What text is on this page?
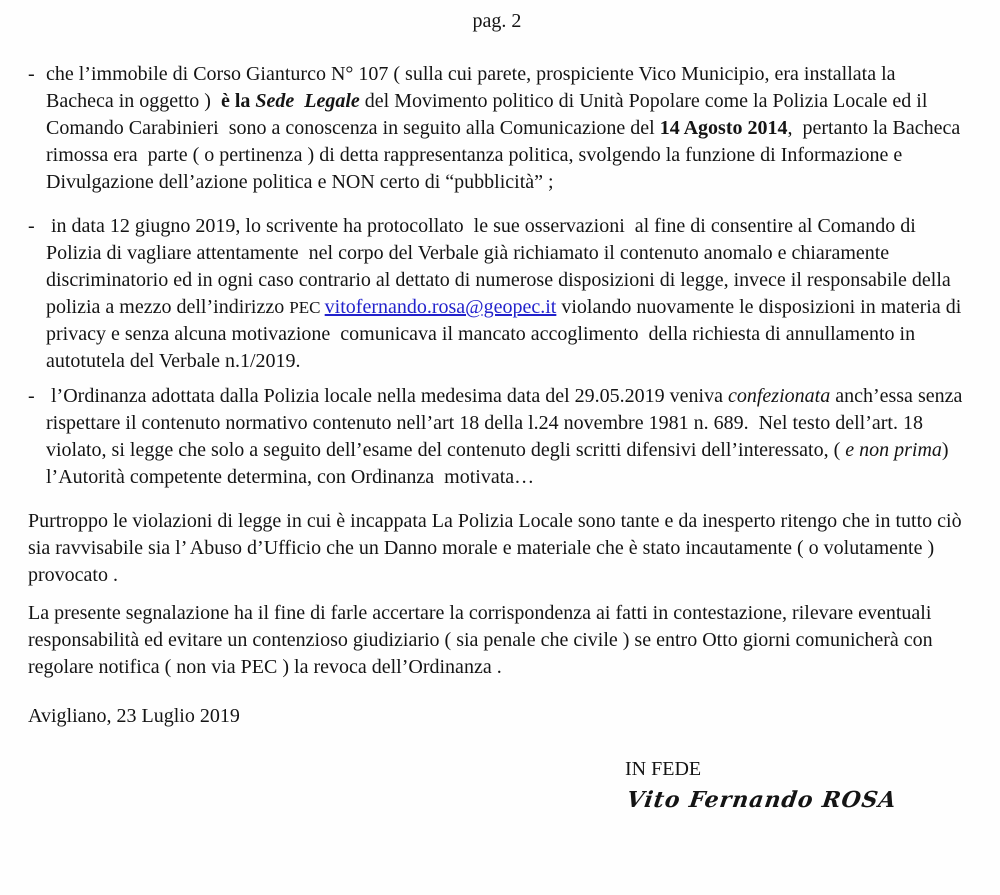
pag. 2
- che l’immobile di Corso Gianturco N° 107 ( sulla cui parete, prospiciente Vico Municipio, era installata la Bacheca in oggetto )  è la Sede  Legale del Movimento politico di Unità Popolare come la Polizia Locale ed il Comando Carabinieri  sono a conoscenza in seguito alla Comunicazione del 14 Agosto 2014,  pertanto la Bacheca rimossa era  parte ( o pertinenza ) di detta rappresentanza politica, svolgendo la funzione di Informazione e  Divulgazione dell’azione politica e NON certo di “pubblicità” ;
- in data 12 giugno 2019, lo scrivente ha protocollato  le sue osservazioni  al fine di consentire al Comando di Polizia di vagliare attentamente  nel corpo del Verbale già richiamato il contenuto anomalo e chiaramente discriminatorio ed in ogni caso contrario al dettato di numerose disposizioni di legge, invece il responsabile della polizia a mezzo dell’indirizzo PEC vitofernando.rosa@geopec.it violando nuovamente le disposizioni in materia di privacy e senza alcuna motivazione  comunicava il mancato accoglimento  della richiesta di annullamento in autotutela del Verbale n.1/2019.
- l’Ordinanza adottata dalla Polizia locale nella medesima data del 29.05.2019 veniva confezionata anch’essa senza rispettare il contenuto normativo contenuto nell’art 18 della l.24 novembre 1981 n. 689.  Nel testo dell’art. 18 violato, si legge che solo a seguito dell’esame del contenuto degli scritti difensivi dell’interessato, ( e non prima) l’Autorità competente determina, con Ordinanza  motivata…
Purtroppo le violazioni di legge in cui è incappata La Polizia Locale sono tante e da inesperto ritengo che in tutto ciò sia ravvisabile sia l’ Abuso d’Ufficio che un Danno morale e materiale che è stato incautamente ( o volutamente ) provocato .
La presente segnalazione ha il fine di farle accertare la corrispondenza ai fatti in contestazione, rilevare eventuali responsabilità ed evitare un contenzioso giudiziario ( sia penale che civile ) se entro Otto giorni comunicherà con regolare notifica ( non via PEC ) la revoca dell’Ordinanza .
Avigliano, 23 Luglio 2019
IN FEDE
Vito Fernando ROSA
